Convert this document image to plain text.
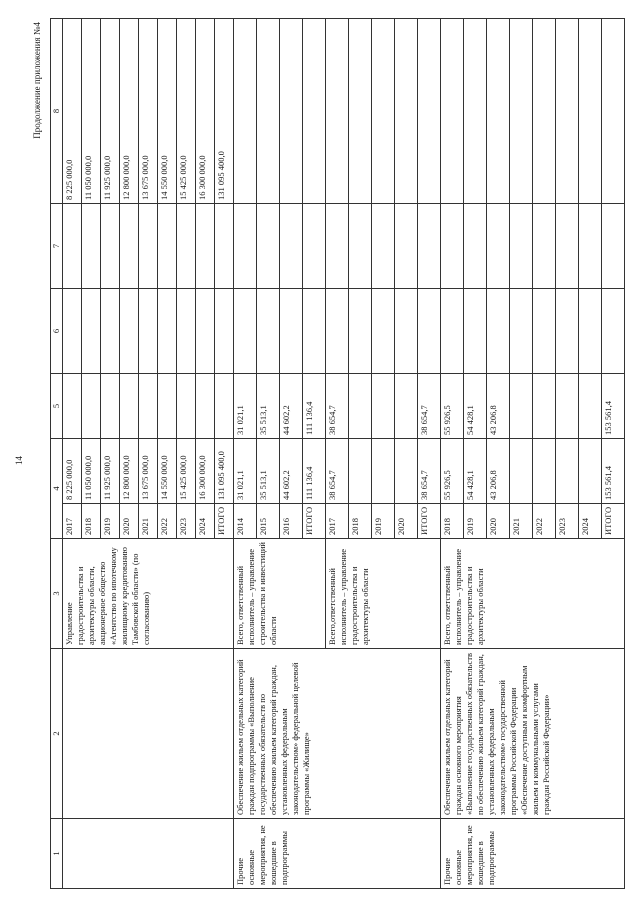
14
Продолжение приложения №4
1	2	3	4		5	6	7	8
		Управление градостроительства и архитектуры области, акционерное общество «Агентство по ипотечному жилищному кредитованию Тамбовской области» (по согласованию)	2017	8 225 000,0				8 225 000,0
			2018	11 050 000,0				11 050 000,0
			2019	11 925 000,0				11 925 000,0
			2020	12 800 000,0				12 800 000,0
			2021	13 675 000,0				13 675 000,0
			2022	14 550 000,0				14 550 000,0
			2023	15 425 000,0				15 425 000,0
			2024	16 300 000,0				16 300 000,0
			ИТОГО	131 095 400,0				131 095 400,0
Прочие основные мероприятия, не вошедшие в подпрограммы	Обеспечение жильем отдельных категорий граждан подпрограммы «Выполнение государственных обязательств по обеспечению жильем категорий граждан, установленных федеральным законодательством» федеральной целевой программы «Жилище»	Всего, ответственный исполнитель – управление строительства и инвестиций области	2014	31 021,1	31 021,1			
			2015	35 513,1	35 513,1			
			2016	44 602,2	44 602,2			
			ИТОГО	111 136,4	111 136,4			
		Всего,ответственный исполнитель – управление градостроительства и архитектуры области	2017	38 654,7	38 654,7			
			2018					
			2019					
			2020					
			ИТОГО	38 654,7	38 654,7			
Прочие основные мероприятия, не вошедшие в подпрограммы	Обеспечение жильем отдельных категорий граждан основного мероприятия «Выполнение государственных обязательств по обеспечению жильем категорий граждан, установленных федеральным законодательством» государственной программы Российской Федерации «Обеспечение доступным и комфортным жильем и коммунальными услугами граждан Российской Федерации»	Всего, ответственный исполнитель – управление градостроительства и архитектуры области	2018	55 926,5	55 926,5			
			2019	54 428,1	54 428,1			
			2020	43 206,8	43 206,8			
			2021					
			2022					
			2023					
			2024					
			ИТОГО	153 561,4	153 561,4			
